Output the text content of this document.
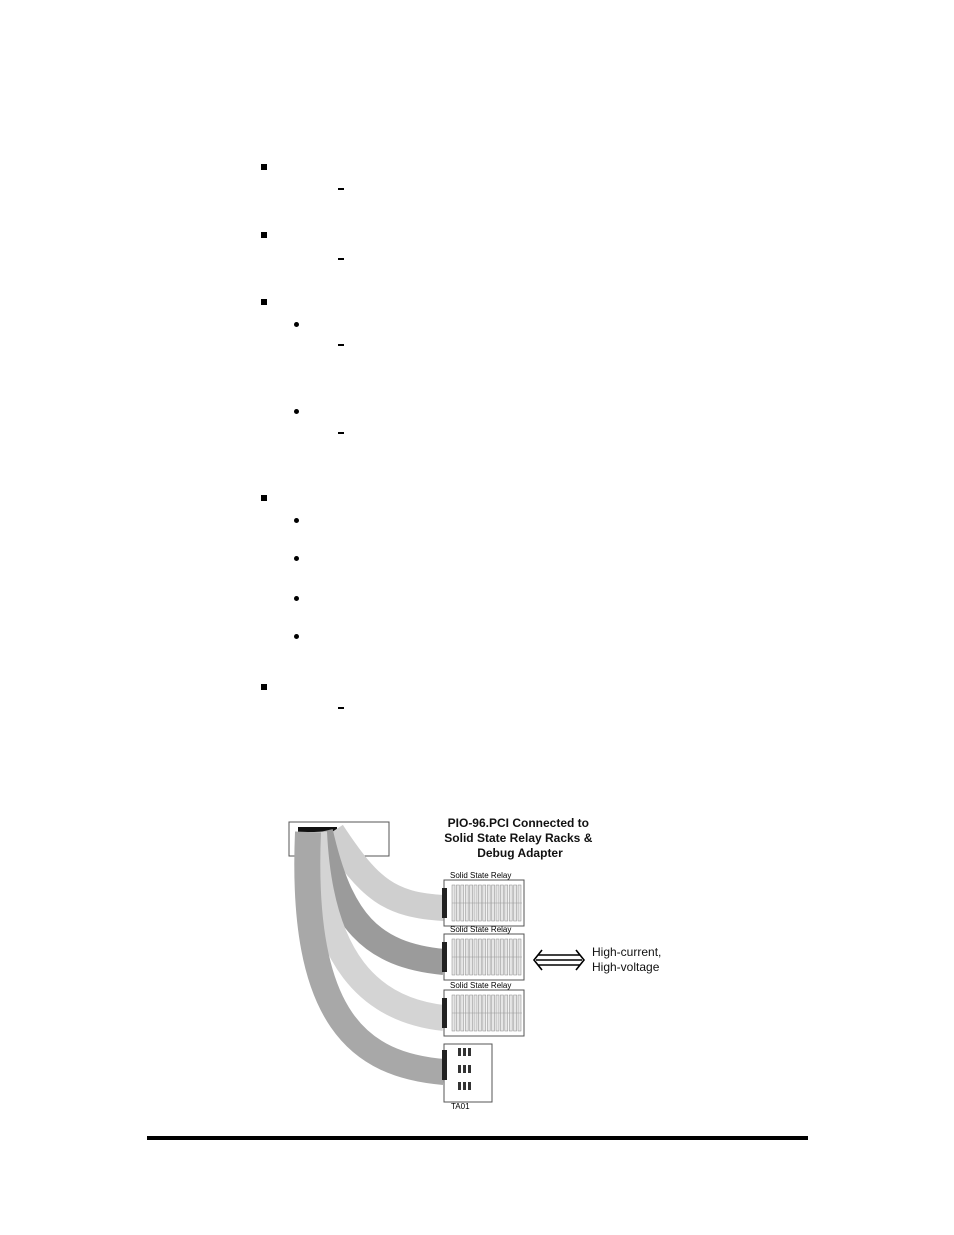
Solid State Relay
Solid State Relay
Solid State Relay
TA01
PIO-96.PCI Connected to Solid State Relay Racks & Debug Adapter
High-current, High-voltage
